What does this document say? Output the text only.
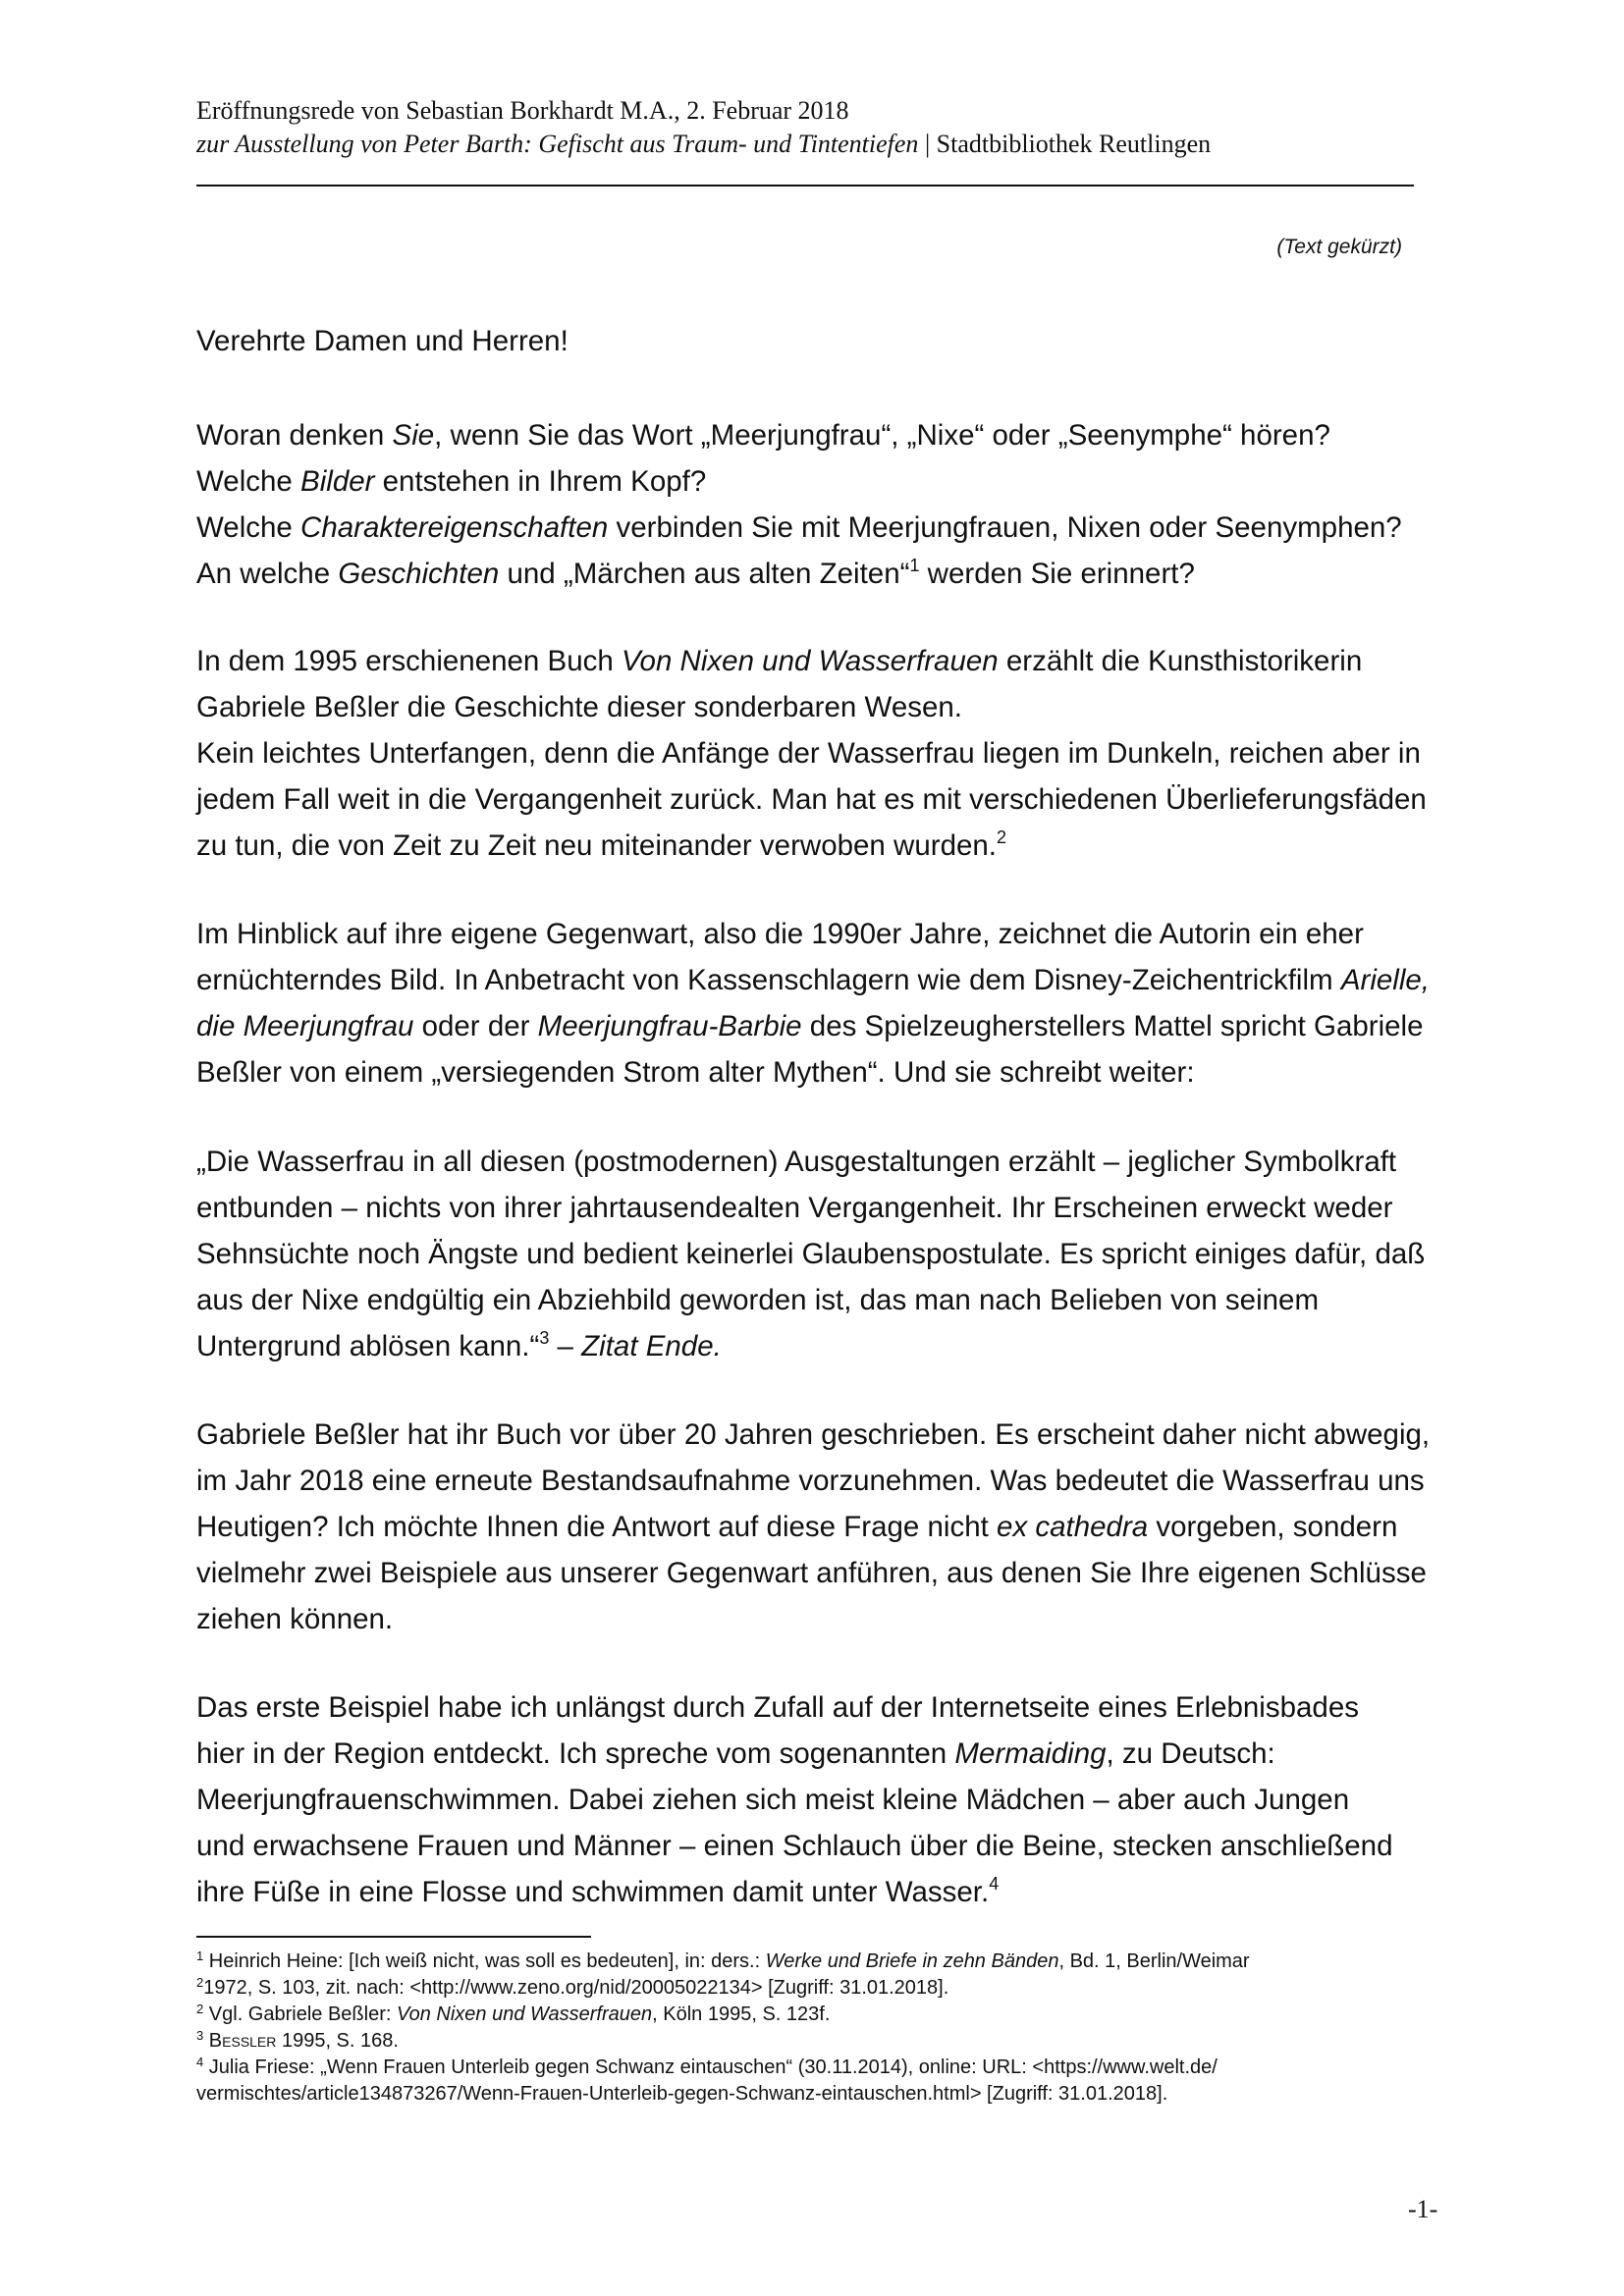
Eröffnungsrede von Sebastian Borkhardt M.A., 2. Februar 2018
zur Ausstellung von Peter Barth: Gefischt aus Traum- und Tintentiefen | Stadtbibliothek Reutlingen
(Text gekürzt)

Verehrte Damen und Herren!

Woran denken Sie, wenn Sie das Wort „Meerjungfrau“, „Nixe“ oder „Seenymphe“ hören?

Welche Bilder entstehen in Ihrem Kopf?

Welche Charaktereigenschaften verbinden Sie mit Meerjungfrauen, Nixen oder Seenymphen?

An welche Geschichten und „Märchen aus alten Zeiten“$^1$ werden Sie erinnert?

In dem 1995 erschienenen Buch Von Nixen und Wasserfrauen erzählt die Kunsthistorikerin Gabriele Beßler die Geschichte dieser sonderbaren Wesen.

Kein leichtes Unterfangen, denn die Anfänge der Wasserfrau liegen im Dunkeln, reichen aber in jedem Fall weit in die Vergangenheit zurück. Man hat es mit verschiedenen Überlieferungsfäden zu tun, die von Zeit zu Zeit neu miteinander verwoben wurden.$^2$

Im Hinblick auf ihre eigene Gegenwart, also die 1990er Jahre, zeichnet die Autorin ein eher ernüchterndes Bild. In Anbetracht von Kassenschlagern wie dem Disney-Zeichentrickfilm Arielle, die Meerjungfrau oder der Meerjungfrau-Barbie des Spielzeugherstellers Mattel spricht Gabriele Beßler von einem „versiegenden Strom alter Mythen“. Und sie schreibt weiter:

„Die Wasserfrau in all diesen (postmodernen) Ausgestaltungen erzählt – jeglicher Symbolkraft entbunden – nichts von ihrer jahrtausendealten Vergangenheit. Ihr Erscheinen erweckt weder Sehnsüchte noch Ängste und bedient keinerlei Glaubenspostulate. Es spricht einiges dafür, daß aus der Nixe endgültig ein Abziehbild geworden ist, das man nach Belieben von seinem Untergrund ablösen kann.“$^3$ – Zitat Ende.

Gabriele Beßler hat ihr Buch vor über 20 Jahren geschrieben. Es erscheint daher nicht abwegig, im Jahr 2018 eine erneute Bestandsaufnahme vorzunehmen. Was bedeutet die Wasserfrau uns Heutigen? Ich möchte Ihnen die Antwort auf diese Frage nicht ex cathedra vorgeben, sondern vielmehr zwei Beispiele aus unserer Gegenwart anführen, aus denen Sie Ihre eigenen Schlüsse ziehen können.

Das erste Beispiel habe ich unlängst durch Zufall auf der Internetseite eines Erlebnisbades

hier in der Region entdeckt. Ich spreche vom sogenannten Mermaiding, zu Deutsch:

Meerjungfrauenschwimmen. Dabei ziehen sich meist kleine Mädchen – aber auch Jungen

und erwachsene Frauen und Männer – einen Schlauch über die Beine, stecken anschließend

ihre Füße in eine Flosse und schwimmen damit unter Wasser.$^4$

$^1$ Heinrich Heine: [Ich weiß nicht, was soll es bedeuten], in: ders.: Werke und Briefe in zehn Bänden, Bd. 1, Berlin/Weimar
$^2$1972, S. 103, zit. nach: <http://www.zeno.org/nid/20005022134> [Zugriff: 31.01.2018].
$^2$ Vgl. Gabriele Beßler: Von Nixen und Wasserfrauen, Köln 1995, S. 123f.
$^3$ Beßler 1995, S. 168.
$^4$ Julia Friese: „Wenn Frauen Unterleib gegen Schwanz eintauschen“ (30.11.2014), online: URL: <https://www.welt.de/
vermischtes/article134873267/Wenn-Frauen-Unterleib-gegen-Schwanz-eintauschen.html> [Zugriff: 31.01.2018].
-1-
